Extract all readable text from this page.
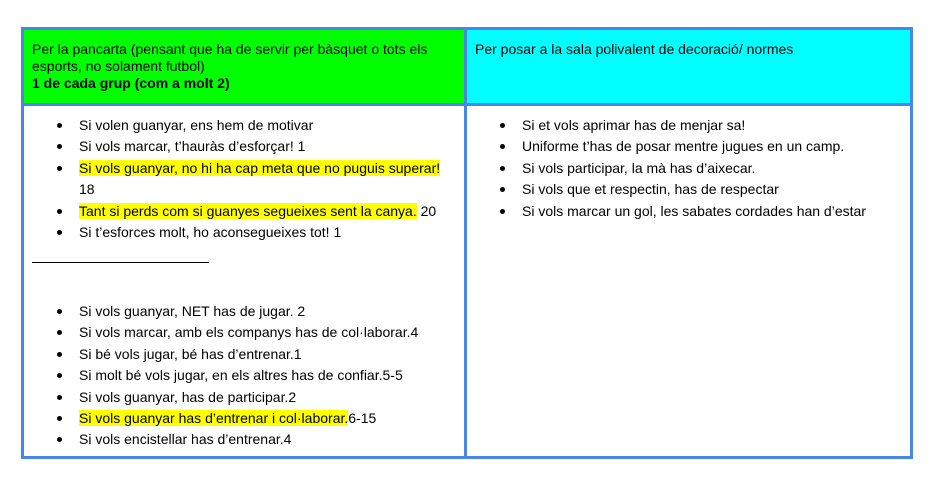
Per la pancarta (pensant que ha de servir per bàsquet o tots els esports, no solament futbol)
1 de cada grup (com a molt 2)
Per posar a la sala polivalent de decoració/ normes
Si volen guanyar, ens hem de motivar
Si vols marcar, t’hauràs d’esforçar! 1
Si vols guanyar, no hi ha cap meta que no puguis superar! 18
Tant si perds com si guanyes segueixes sent la canya. 20
Si t’esforces molt, ho aconsegueixes tot! 1
Si vols guanyar, NET has de jugar. 2
Si vols marcar, amb els companys has de col·laborar.4
Si bé vols jugar, bé has d’entrenar.1
Si molt bé vols jugar, en els altres has de confiar.5-5
Si vols guanyar, has de participar.2
Si vols guanyar has d’entrenar i col·laborar.6-15
Si vols encistellar has d’entrenar.4
Si et vols aprimar has de menjar sa!
Uniforme t’has de posar mentre jugues en un camp.
Si vols participar, la mà has d’aixecar.
Si vols que et respectin, has de respectar
Si vols marcar un gol, les sabates cordades han d’estar
